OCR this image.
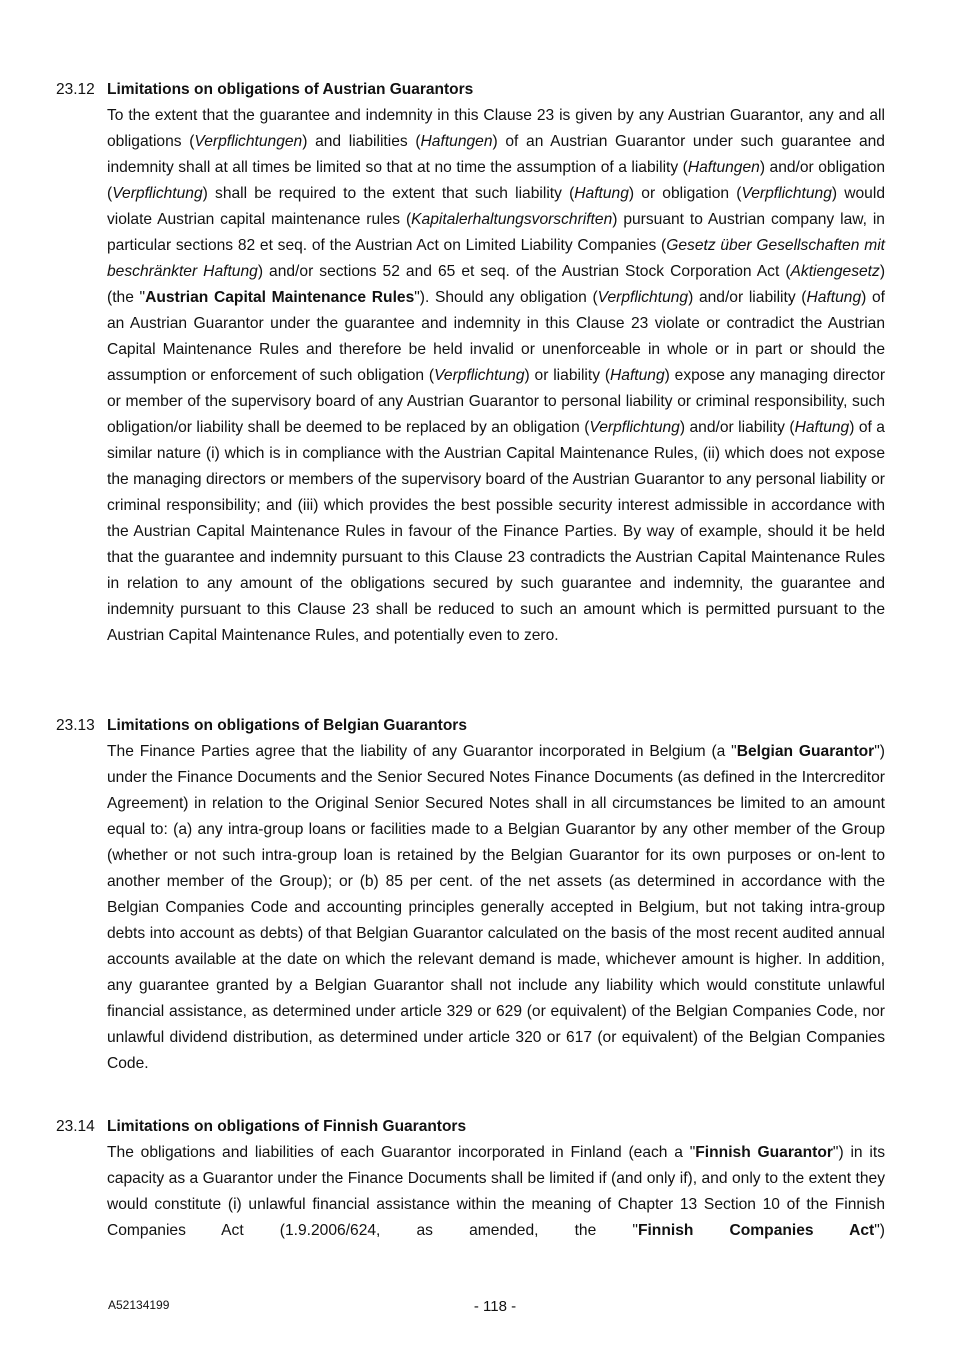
23.12 Limitations on obligations of Austrian Guarantors
To the extent that the guarantee and indemnity in this Clause 23 is given by any Austrian Guarantor, any and all obligations (Verpflichtungen) and liabilities (Haftungen) of an Austrian Guarantor under such guarantee and indemnity shall at all times be limited so that at no time the assumption of a liability (Haftungen) and/or obligation (Verpflichtung) shall be required to the extent that such liability (Haftung) or obligation (Verpflichtung) would violate Austrian capital maintenance rules (Kapitalerhaltungsvorschriften) pursuant to Austrian company law, in particular sections 82 et seq. of the Austrian Act on Limited Liability Companies (Gesetz über Gesellschaften mit beschränkter Haftung) and/or sections 52 and 65 et seq. of the Austrian Stock Corporation Act (Aktiengesetz) (the "Austrian Capital Maintenance Rules"). Should any obligation (Verpflichtung) and/or liability (Haftung) of an Austrian Guarantor under the guarantee and indemnity in this Clause 23 violate or contradict the Austrian Capital Maintenance Rules and therefore be held invalid or unenforceable in whole or in part or should the assumption or enforcement of such obligation (Verpflichtung) or liability (Haftung) expose any managing director or member of the supervisory board of any Austrian Guarantor to personal liability or criminal responsibility, such obligation/or liability shall be deemed to be replaced by an obligation (Verpflichtung) and/or liability (Haftung) of a similar nature (i) which is in compliance with the Austrian Capital Maintenance Rules, (ii) which does not expose the managing directors or members of the supervisory board of the Austrian Guarantor to any personal liability or criminal responsibility; and (iii) which provides the best possible security interest admissible in accordance with the Austrian Capital Maintenance Rules in favour of the Finance Parties. By way of example, should it be held that the guarantee and indemnity pursuant to this Clause 23 contradicts the Austrian Capital Maintenance Rules in relation to any amount of the obligations secured by such guarantee and indemnity, the guarantee and indemnity pursuant to this Clause 23 shall be reduced to such an amount which is permitted pursuant to the Austrian Capital Maintenance Rules, and potentially even to zero.
23.13 Limitations on obligations of Belgian Guarantors
The Finance Parties agree that the liability of any Guarantor incorporated in Belgium (a "Belgian Guarantor") under the Finance Documents and the Senior Secured Notes Finance Documents (as defined in the Intercreditor Agreement) in relation to the Original Senior Secured Notes shall in all circumstances be limited to an amount equal to: (a) any intra-group loans or facilities made to a Belgian Guarantor by any other member of the Group (whether or not such intra-group loan is retained by the Belgian Guarantor for its own purposes or on-lent to another member of the Group); or (b) 85 per cent. of the net assets (as determined in accordance with the Belgian Companies Code and accounting principles generally accepted in Belgium, but not taking intra-group debts into account as debts) of that Belgian Guarantor calculated on the basis of the most recent audited annual accounts available at the date on which the relevant demand is made, whichever amount is higher. In addition, any guarantee granted by a Belgian Guarantor shall not include any liability which would constitute unlawful financial assistance, as determined under article 329 or 629 (or equivalent) of the Belgian Companies Code, nor unlawful dividend distribution, as determined under article 320 or 617 (or equivalent) of the Belgian Companies Code.
23.14 Limitations on obligations of Finnish Guarantors
The obligations and liabilities of each Guarantor incorporated in Finland (each a "Finnish Guarantor") in its capacity as a Guarantor under the Finance Documents shall be limited if (and only if), and only to the extent they would constitute (i) unlawful financial assistance within the meaning of Chapter 13 Section 10 of the Finnish Companies Act (1.9.2006/624, as amended, the "Finnish Companies Act")
A52134199	- 118 -
